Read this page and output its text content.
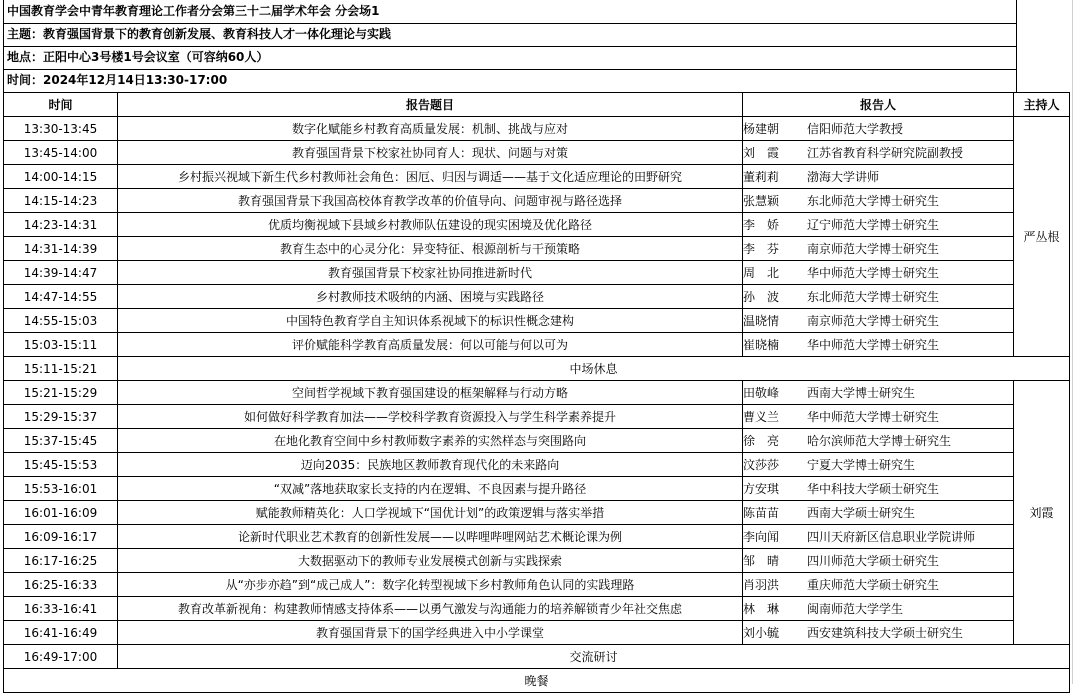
中国教育学会中青年教育理论工作者分会第三十二届学术年会 分会场1
主题：教育强国背景下的教育创新发展、教育科技人才一体化理论与实践
地点：正阳中心3号楼1号会议室（可容纳60人）
时间：2024年12月14日13:30-17:00
时间	报告题目	报告人	主持人
13:30-13:45	数字化赋能乡村教育高质量发展：机制、挑战与应对	杨建朝 信阳师范大学教授	严丛根
13:45-14:00	教育强国背景下校家社协同育人：现状、问题与对策	刘　霞 江苏省教育科学研究院副教授	
14:00-14:15	乡村振兴视域下新生代乡村教师社会角色：困厄、归因与调适——基于文化适应理论的田野研究	董莉莉 渤海大学讲师	
14:15-14:23	教育强国背景下我国高校体育教学改革的价值导向、问题审视与路径选择	张慧颖 东北师范大学博士研究生	
14:23-14:31	优质均衡视域下县域乡村教师队伍建设的现实困境及优化路径	李　娇 辽宁师范大学博士研究生	
14:31-14:39	教育生态中的心灵分化：异变特征、根源剖析与干预策略	李　芬 南京师范大学博士研究生	
14:39-14:47	教育强国背景下校家社协同推进新时代	周　北 华中师范大学博士研究生	
14:47-14:55	乡村教师技术吸纳的内涵、困境与实践路径	孙　波 东北师范大学博士研究生	
14:55-15:03	中国特色教育学自主知识体系视域下的标识性概念建构	温晓情 南京师范大学博士研究生	
15:03-15:11	评价赋能科学教育高质量发展：何以可能与何以可为	崔晓楠 华中师范大学博士研究生	
15:11-15:21	中场休息		
15:21-15:29	空间哲学视域下教育强国建设的框架解释与行动方略	田敬峰 西南大学博士研究生	刘霞
15:29-15:37	如何做好科学教育加法——学校科学教育资源投入与学生科学素养提升	曹义兰 华中师范大学博士研究生	
15:37-15:45	在地化教育空间中乡村教师数字素养的实然样态与突围路向	徐　亮 哈尔滨师范大学博士研究生	
15:45-15:53	迈向2035：民族地区教师教育现代化的未来路向	汶莎莎 宁夏大学博士研究生	
15:53-16:01	“双减”落地获取家长支持的内在逻辑、不良因素与提升路径	方安琪 华中科技大学硕士研究生	
16:01-16:09	赋能教师精英化：人口学视域下“国优计划”的政策逻辑与落实举措	陈苗苗 西南大学硕士研究生	
16:09-16:17	论新时代职业艺术教育的创新性发展——以哔哩哔哩网站艺术概论课为例	李向闻 四川天府新区信息职业学院讲师	
16:17-16:25	大数据驱动下的教师专业发展模式创新与实践探索	邹　晴 四川师范大学硕士研究生	
16:25-16:33	从“亦步亦趋”到“成己成人”：数字化转型视域下乡村教师角色认同的实践理路	肖羽洪 重庆师范大学硕士研究生	
16:33-16:41	教育改革新视角：构建教师情感支持体系——以勇气激发与沟通能力的培养解锁青少年社交焦虑	林　琳 闽南师范大学学生	
16:41-16:49	教育强国背景下的国学经典进入中小学课堂	刘小毓 西安建筑科技大学硕士研究生	
16:49-17:00	交流研讨		
晚餐			
